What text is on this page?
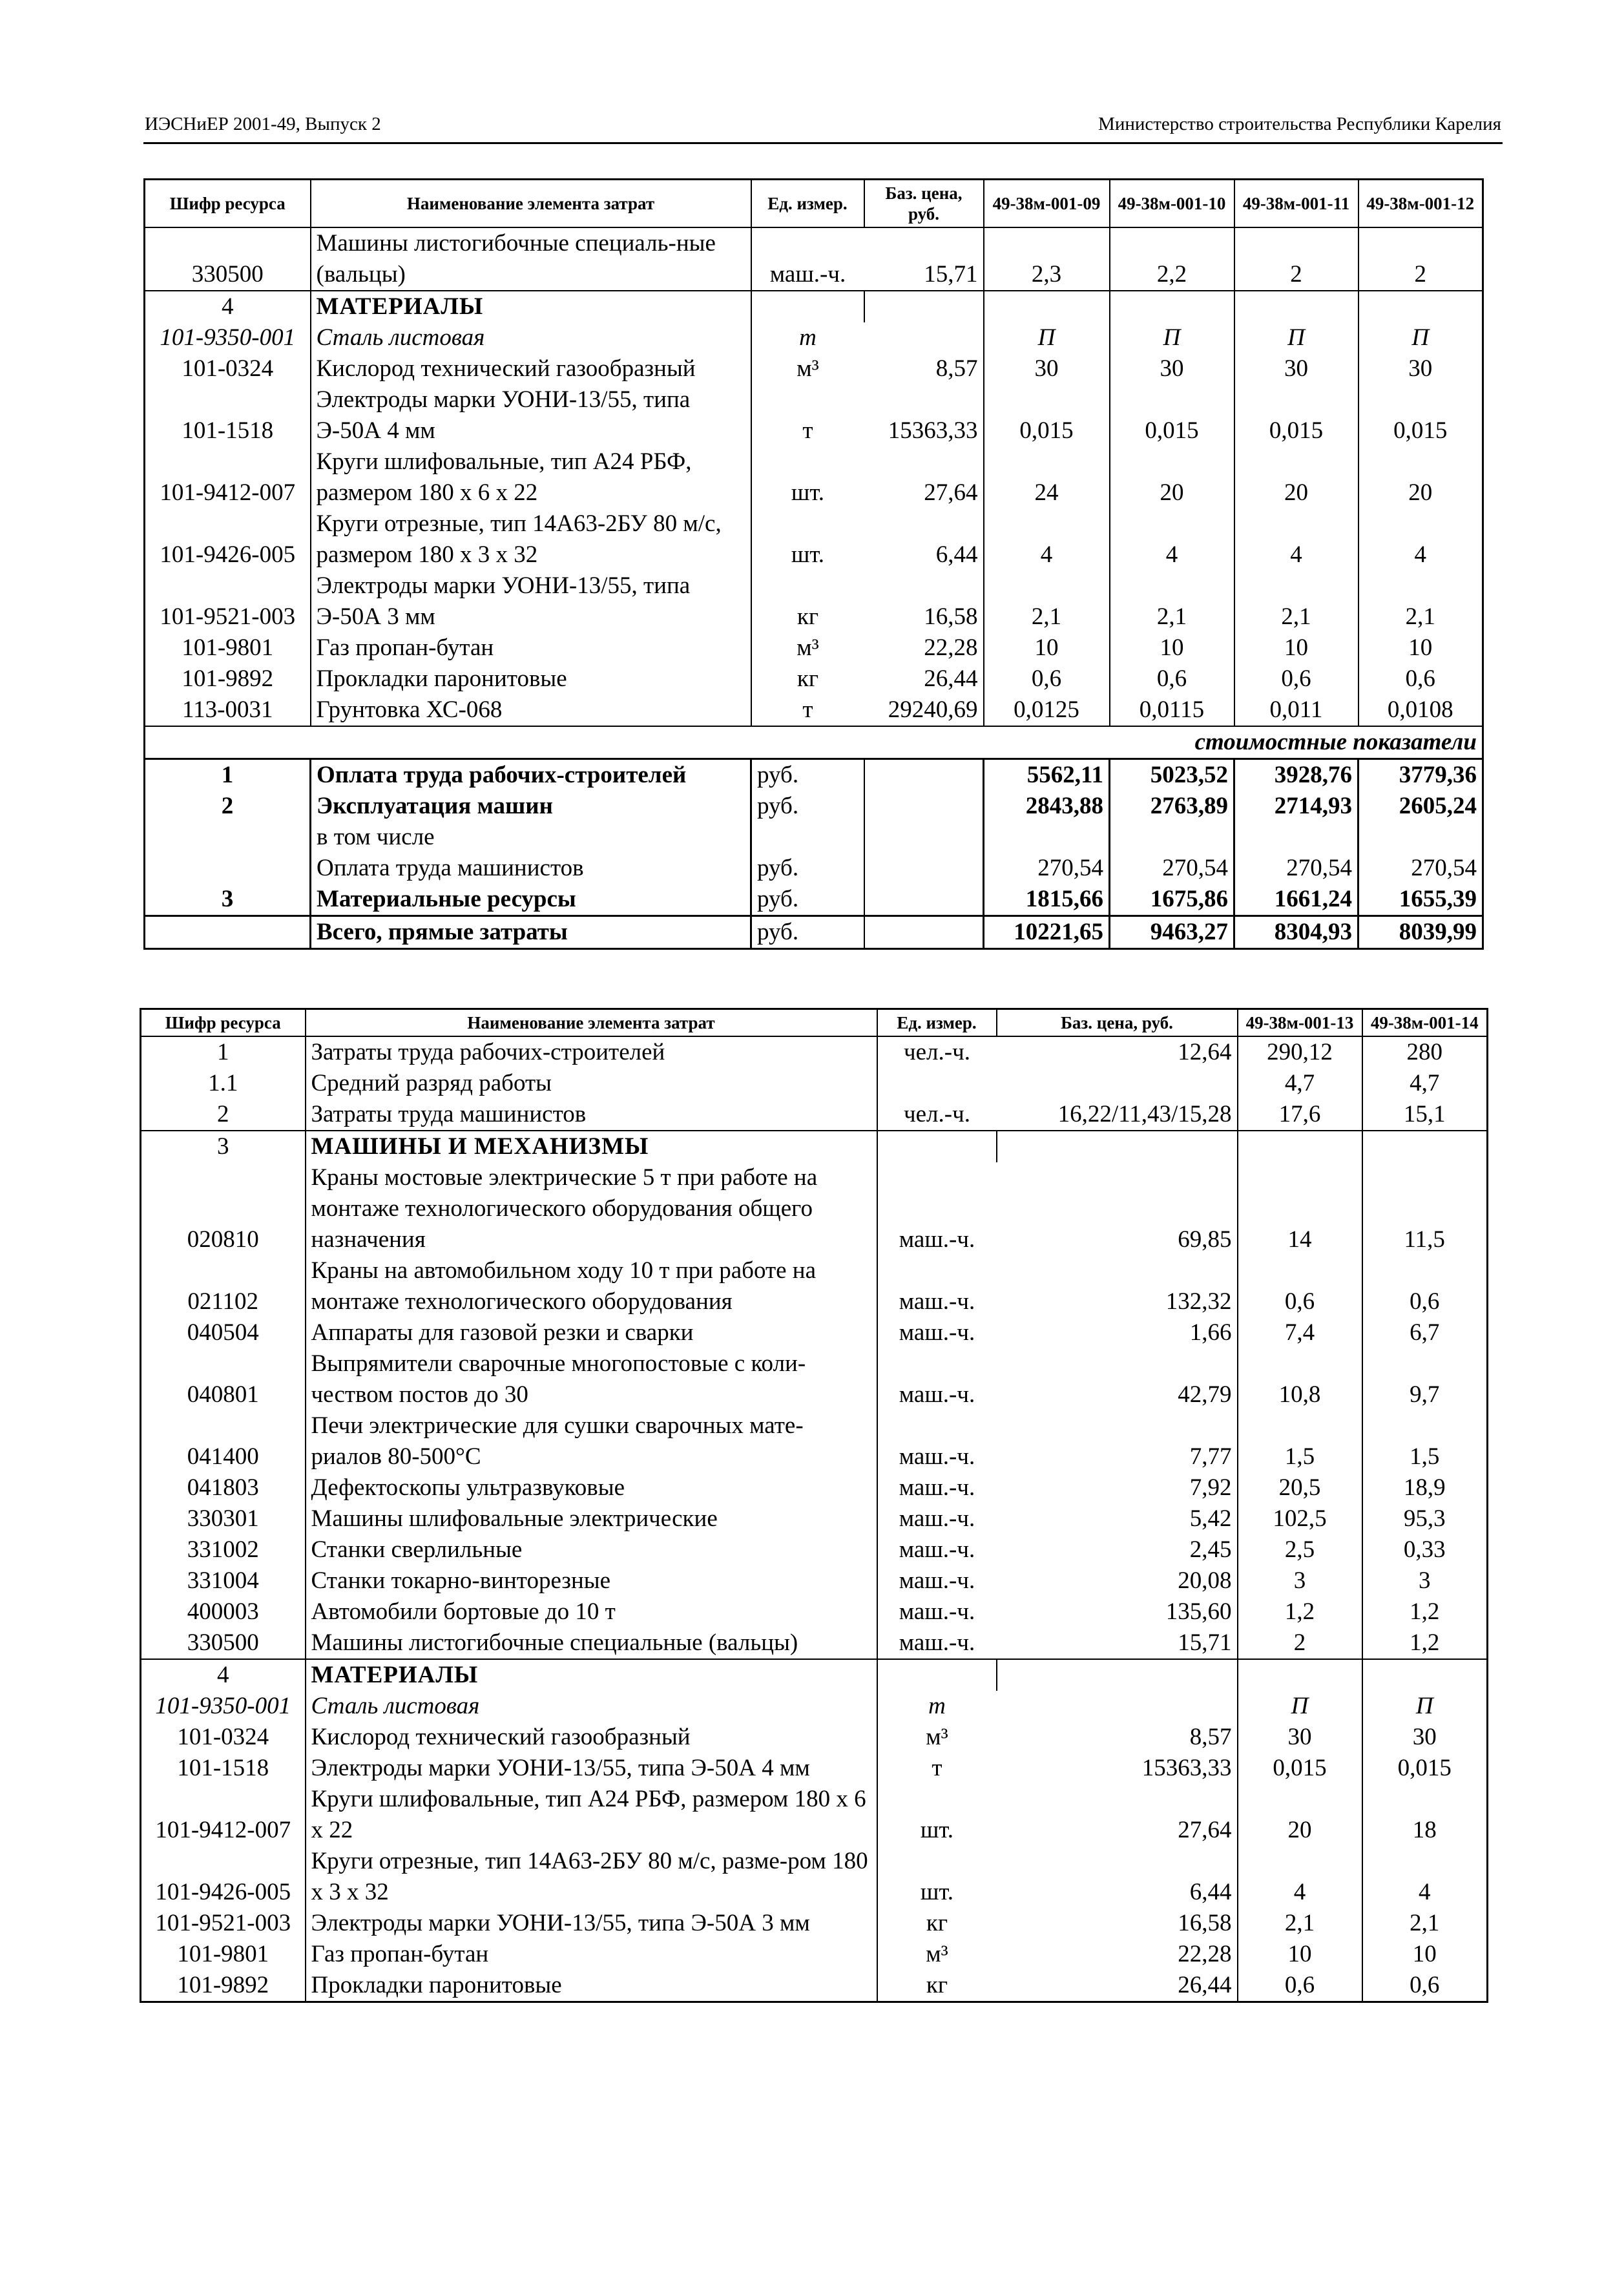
ИЭСНиЕР 2001-49, Выпуск 2	Министерство строительства Республики Карелия
Шифр ресурса	Наименование элемента затрат	Ед. измер.	Баз. цена, руб.	49-38м-001-09	49-38м-001-10	49-38м-001-11	49-38м-001-12
330500	Машины листогибочные специаль-ные (вальцы)	маш.-ч.	15,71	2,3	2,2	2	2
4	МАТЕРИАЛЫ						
101-9350-001	Сталь листовая	т		П	П	П	П
101-0324	Кислород технический газообразный	м³	8,57	30	30	30	30
101-1518	Электроды марки УОНИ-13/55, типа Э-50А 4 мм	т	15363,33	0,015	0,015	0,015	0,015
101-9412-007	Круги шлифовальные, тип А24 РБФ, размером 180 х 6 х 22	шт.	27,64	24	20	20	20
101-9426-005	Круги отрезные, тип 14А63-2БУ 80 м/с, размером 180 х 3 х 32	шт.	6,44	4	4	4	4
101-9521-003	Электроды марки УОНИ-13/55, типа Э-50А 3 мм	кг	16,58	2,1	2,1	2,1	2,1
101-9801	Газ пропан-бутан	м³	22,28	10	10	10	10
101-9892	Прокладки паронитовые	кг	26,44	0,6	0,6	0,6	0,6
113-0031	Грунтовка ХС-068	т	29240,69	0,0125	0,0115	0,011	0,0108
стоимостные показатели							
1	Оплата труда рабочих-строителей	руб.		5562,11	5023,52	3928,76	3779,36
2	Эксплуатация машин	руб.		2843,88	2763,89	2714,93	2605,24
	в том числе						
	Оплата труда машинистов	руб.		270,54	270,54	270,54	270,54
3	Материальные ресурсы	руб.		1815,66	1675,86	1661,24	1655,39
	Всего, прямые затраты	руб.		10221,65	9463,27	8304,93	8039,99
Шифр ресурса	Наименование элемента затрат	Ед. измер.	Баз. цена, руб.	49-38м-001-13	49-38м-001-14
1	Затраты труда рабочих-строителей	чел.-ч.	12,64	290,12	280
1.1	Средний разряд работы			4,7	4,7
2	Затраты труда машинистов	чел.-ч.	16,22/11,43/15,28	17,6	15,1
3	МАШИНЫ И МЕХАНИЗМЫ				
020810	Краны мостовые электрические 5 т при работе на монтаже технологического оборудования общего назначения	маш.-ч.	69,85	14	11,5
021102	Краны на автомобильном ходу 10 т при работе на монтаже технологического оборудования	маш.-ч.	132,32	0,6	0,6
040504	Аппараты для газовой резки и сварки	маш.-ч.	1,66	7,4	6,7
040801	Выпрямители сварочные многопостовые с коли-чеством постов до 30	маш.-ч.	42,79	10,8	9,7
041400	Печи электрические для сушки сварочных мате-риалов 80-500°С	маш.-ч.	7,77	1,5	1,5
041803	Дефектоскопы ультразвуковые	маш.-ч.	7,92	20,5	18,9
330301	Машины шлифовальные электрические	маш.-ч.	5,42	102,5	95,3
331002	Станки сверлильные	маш.-ч.	2,45	2,5	0,33
331004	Станки токарно-винторезные	маш.-ч.	20,08	3	3
400003	Автомобили бортовые до 10 т	маш.-ч.	135,60	1,2	1,2
330500	Машины листогибочные специальные (вальцы)	маш.-ч.	15,71	2	1,2
4	МАТЕРИАЛЫ				
101-9350-001	Сталь листовая	т		П	П
101-0324	Кислород технический газообразный	м³	8,57	30	30
101-1518	Электроды марки УОНИ-13/55, типа Э-50А 4 мм	т	15363,33	0,015	0,015
101-9412-007	Круги шлифовальные, тип А24 РБФ, размером 180 х 6 х 22	шт.	27,64	20	18
101-9426-005	Круги отрезные, тип 14А63-2БУ 80 м/с, разме-ром 180 х 3 х 32	шт.	6,44	4	4
101-9521-003	Электроды марки УОНИ-13/55, типа Э-50А 3 мм	кг	16,58	2,1	2,1
101-9801	Газ пропан-бутан	м³	22,28	10	10
101-9892	Прокладки паронитовые	кг	26,44	0,6	0,6
